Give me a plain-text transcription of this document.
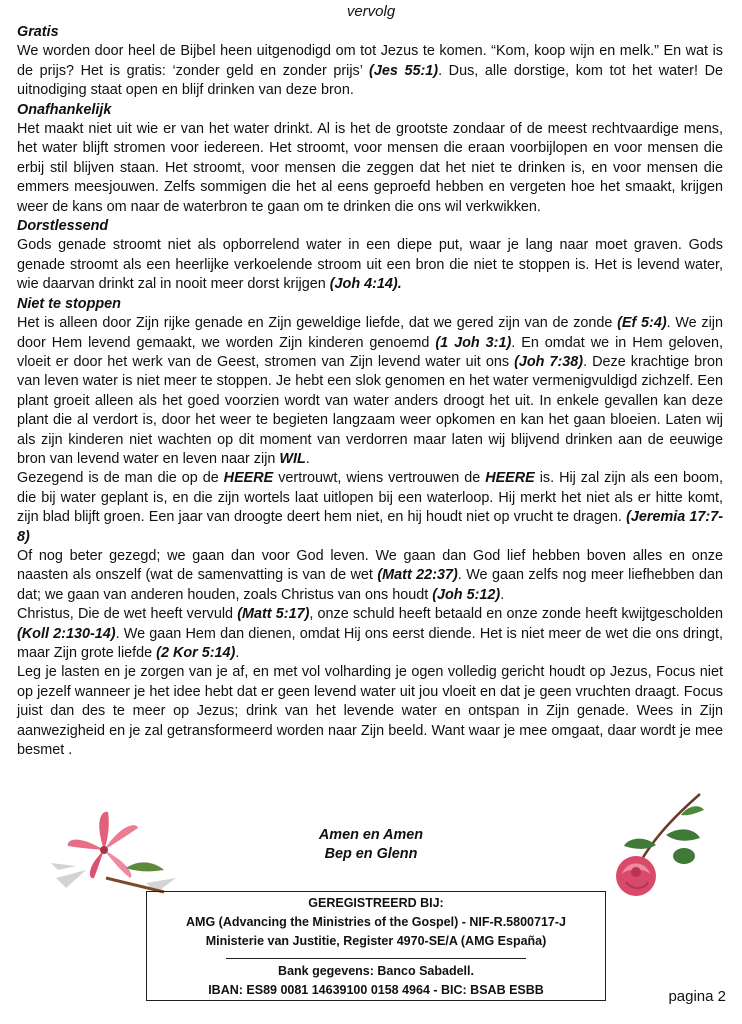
vervolg
Gratis

We worden door heel de Bijbel heen uitgenodigd om tot Jezus te komen. “Kom, koop wijn en melk.” En wat is de prijs? Het is gratis: ‘zonder geld en zonder prijs’ (Jes 55:1). Dus, alle dorstige, kom tot het water! De uitnodiging staat open en blijf drinken van deze bron.

Onafhankelijk

Het maakt niet uit wie er van het water drinkt. Al is het de grootste zondaar of de meest rechtvaardige mens, het water blijft stromen voor iedereen. Het stroomt, voor mensen die eraan voorbijlopen en voor mensen die erbij stil blijven staan. Het stroomt, voor mensen die zeggen dat het niet te drinken is, en voor mensen die emmers meesjouwen. Zelfs sommigen die het al eens geproefd hebben en vergeten hoe het smaakt, krijgen weer de kans om naar de waterbron te gaan om te drinken die ons wil verkwikken.

Dorstlessend

Gods genade stroomt niet als opborrelend water in een diepe put, waar je lang naar moet graven. Gods genade stroomt als een heerlijke verkoelende stroom uit een bron die niet te stoppen is. Het is levend water, wie daarvan drinkt zal in nooit meer dorst krijgen (Joh 4:14).

Niet te stoppen

Het is alleen door Zijn rijke genade en Zijn geweldige liefde, dat we gered zijn van de zonde (Ef 5:4). We zijn door Hem levend gemaakt, we worden Zijn kinderen genoemd (1 Joh 3:1). En omdat we in Hem geloven, vloeit er door het werk van de Geest, stromen van Zijn levend water uit ons (Joh 7:38). Deze krachtige bron van leven water is niet meer te stoppen. Je hebt een slok genomen en het water vermenigvuldigd zichzelf. Een plant groeit alleen als het goed voorzien wordt van water anders droogt het uit. In enkele gevallen kan deze plant die al verdort is, door het weer te begieten langzaam weer opkomen en kan het gaan bloeien. Laten wij als zijn kinderen niet wachten op dit moment van verdorren maar laten wij blijvend drinken aan de eeuwige bron van levend water en leven naar zijn WIL.

Gezegend is de man die op de HEERE vertrouwt, wiens vertrouwen de HEERE is. Hij zal zijn als een boom, die bij water geplant is, en die zijn wortels laat uitlopen bij een waterloop. Hij merkt het niet als er hitte komt, zijn blad blijft groen. Een jaar van droogte deert hem niet, en hij houdt niet op vrucht te dragen. (Jeremia 17:7-8)

Of nog beter gezegd; we gaan dan voor God leven. We gaan dan God lief hebben boven alles en onze naasten als onszelf (wat de samenvatting is van de wet (Matt 22:37). We gaan zelfs nog meer liefhebben dan dat; we gaan van anderen houden, zoals Christus van ons houdt (Joh 5:12).

Christus, Die de wet heeft vervuld (Matt 5:17), onze schuld heeft betaald en onze zonde heeft kwijtgescholden (Koll 2:130-14). We gaan Hem dan dienen, omdat Hij ons eerst diende. Het is niet meer de wet die ons dringt, maar Zijn grote liefde (2 Kor 5:14).

Leg je lasten en je zorgen van je af, en met vol volharding je ogen volledig gericht houdt op Jezus, Focus niet op jezelf wanneer je het idee hebt dat er geen levend water uit jou vloeit en dat je geen vruchten draagt. Focus juist dan des te meer op Jezus; drink van het levende water en ontspan in Zijn genade. Wees in Zijn aanwezigheid en je zal getransformeerd worden naar Zijn beeld. Want waar je mee omgaat, daar wordt je mee besmet .

Amen en Amen
Bep en Glenn
GEREGISTREERD BIJ:
AMG (Advancing the Ministries of the Gospel) - NIF-R.5800717-J
Ministerie van Justitie, Register 4970-SE/A (AMG España)
Bank gegevens: Banco Sabadell.
IBAN: ES89 0081 14639100 0158 4964 - BIC: BSAB ESBB	pagina 2
